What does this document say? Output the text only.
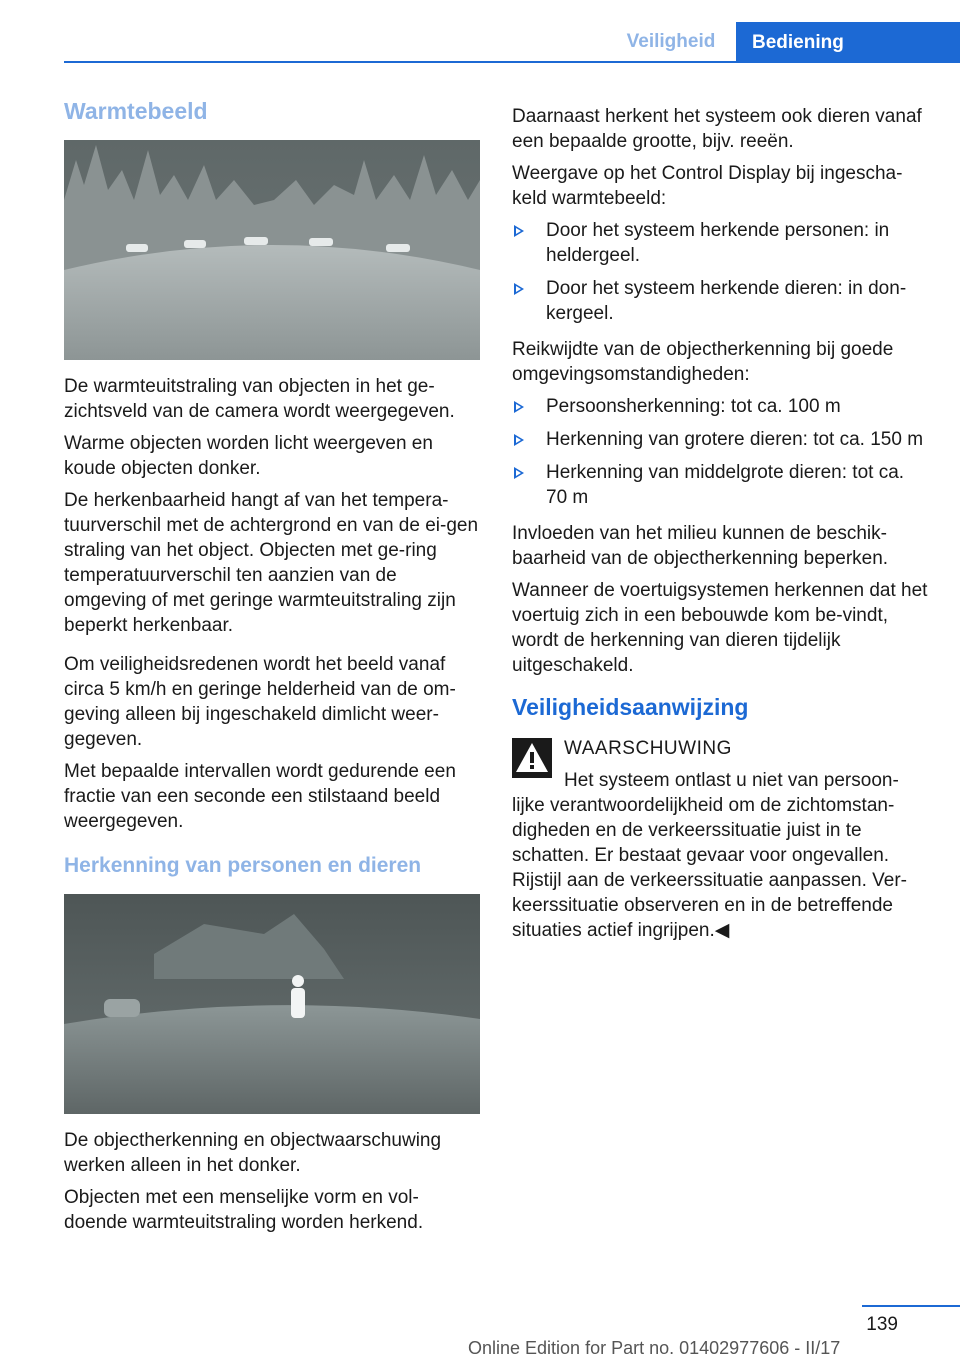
Veiligheid	Bediening
Warmtebeeld

De warmteuitstraling van objecten in het ge‐zichtsveld van de camera wordt weergegeven.

Warme objecten worden licht weergeven en koude objecten donker.

De herkenbaarheid hangt af van het tempera‐tuurverschil met de achtergrond en van de ei‐gen straling van het object. Objecten met ge‐ring temperatuurverschil ten aanzien van de omgeving of met geringe warmteuitstraling zijn beperkt herkenbaar.

Om veiligheidsredenen wordt het beeld vanaf circa 5 km/h en geringe helderheid van de om‐geving alleen bij ingeschakeld dimlicht weer‐gegeven.

Met bepaalde intervallen wordt gedurende een fractie van een seconde een stilstaand beeld weergegeven.

Herkenning van personen en dieren

De objectherkenning en objectwaarschuwing werken alleen in het donker.

Objecten met een menselijke vorm en vol‐doende warmteuitstraling worden herkend.

Daarnaast herkent het systeem ook dieren vanaf een bepaalde grootte, bijv. reeën.

Weergave op het Control Display bij ingescha‐keld warmtebeeld:

Door het systeem herkende personen: in heldergeel.
Door het systeem herkende dieren: in don‐kergeel.

Reikwijdte van de objectherkenning bij goede omgevingsomstandigheden:

Persoonsherkenning: tot ca. 100 m
Herkenning van grotere dieren: tot ca. 150 m
Herkenning van middelgrote dieren: tot ca. 70 m

Invloeden van het milieu kunnen de beschik‐baarheid van de objectherkenning beperken.

Wanneer de voertuigsystemen herkennen dat het voertuig zich in een bebouwde kom be‐vindt, wordt de herkenning van dieren tijdelijk uitgeschakeld.

Veiligheidsaanwijzing

WAARSCHUWING

Het systeem ontlast u niet van persoon‐lijke verantwoordelijkheid om de zichtomstan‐digheden en de verkeerssituatie juist in te schatten. Er bestaat gevaar voor ongevallen. Rijstijl aan de verkeerssituatie aanpassen. Ver‐keerssituatie observeren en in de betreffende situaties actief ingrijpen.◀

139
Online Edition for Part no. 01402977606 - II/17
